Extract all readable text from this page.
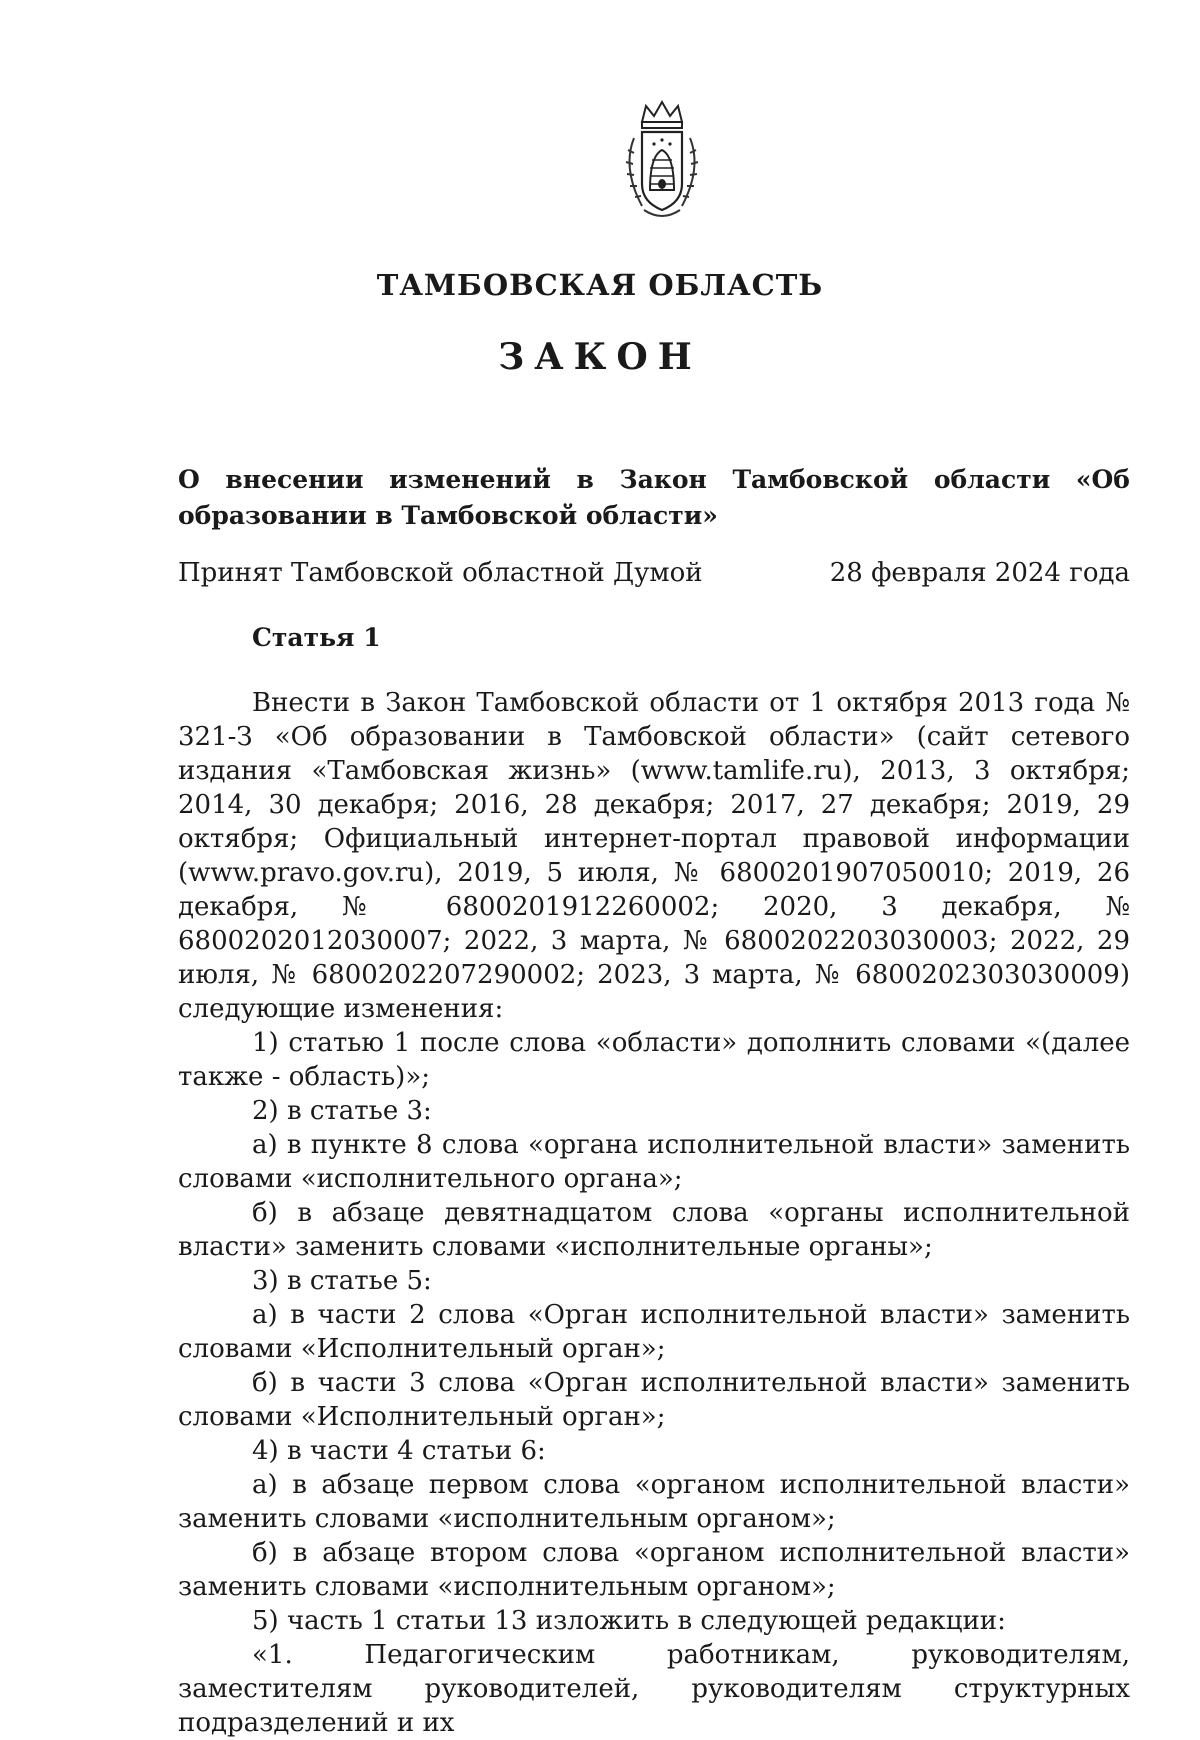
ТАМБОВСКАЯ ОБЛАСТЬ
ЗАКОН
О внесении изменений в Закон Тамбовской области «Об образовании в Тамбовской области»
Принят Тамбовской областной Думой	28 февраля 2024 года
Статья 1

Внести в Закон Тамбовской области от 1 октября 2013 года № 321-З «Об образовании в Тамбовской области» (сайт сетевого издания «Тамбовская жизнь» (www.tamlife.ru), 2013, 3 октября; 2014, 30 декабря; 2016, 28 декабря; 2017, 27 декабря; 2019, 29 октября; Официальный интернет-портал правовой информации (www.pravo.gov.ru), 2019, 5 июля, № 6800201907050010; 2019, 26 декабря, № 6800201912260002; 2020, 3 декабря, № 6800202012030007; 2022, 3 марта, № 6800202203030003; 2022, 29 июля, № 6800202207290002; 2023, 3 марта, № 6800202303030009) следующие изменения:

1) статью 1 после слова «области» дополнить словами «(далее также - область)»;

2) в статье 3:

а) в пункте 8 слова «органа исполнительной власти» заменить словами «исполнительного органа»;

б) в абзаце девятнадцатом слова «органы исполнительной власти» заменить словами «исполнительные органы»;

3) в статье 5:

а) в части 2 слова «Орган исполнительной власти» заменить словами «Исполнительный орган»;

б) в части 3 слова «Орган исполнительной власти» заменить словами «Исполнительный орган»;

4) в части 4 статьи 6:

а) в абзаце первом слова «органом исполнительной власти» заменить словами «исполнительным органом»;

б) в абзаце втором слова «органом исполнительной власти» заменить словами «исполнительным органом»;

5) часть 1 статьи 13 изложить в следующей редакции:

«1. Педагогическим работникам, руководителям, заместителям руководителей, руководителям структурных подразделений и их
